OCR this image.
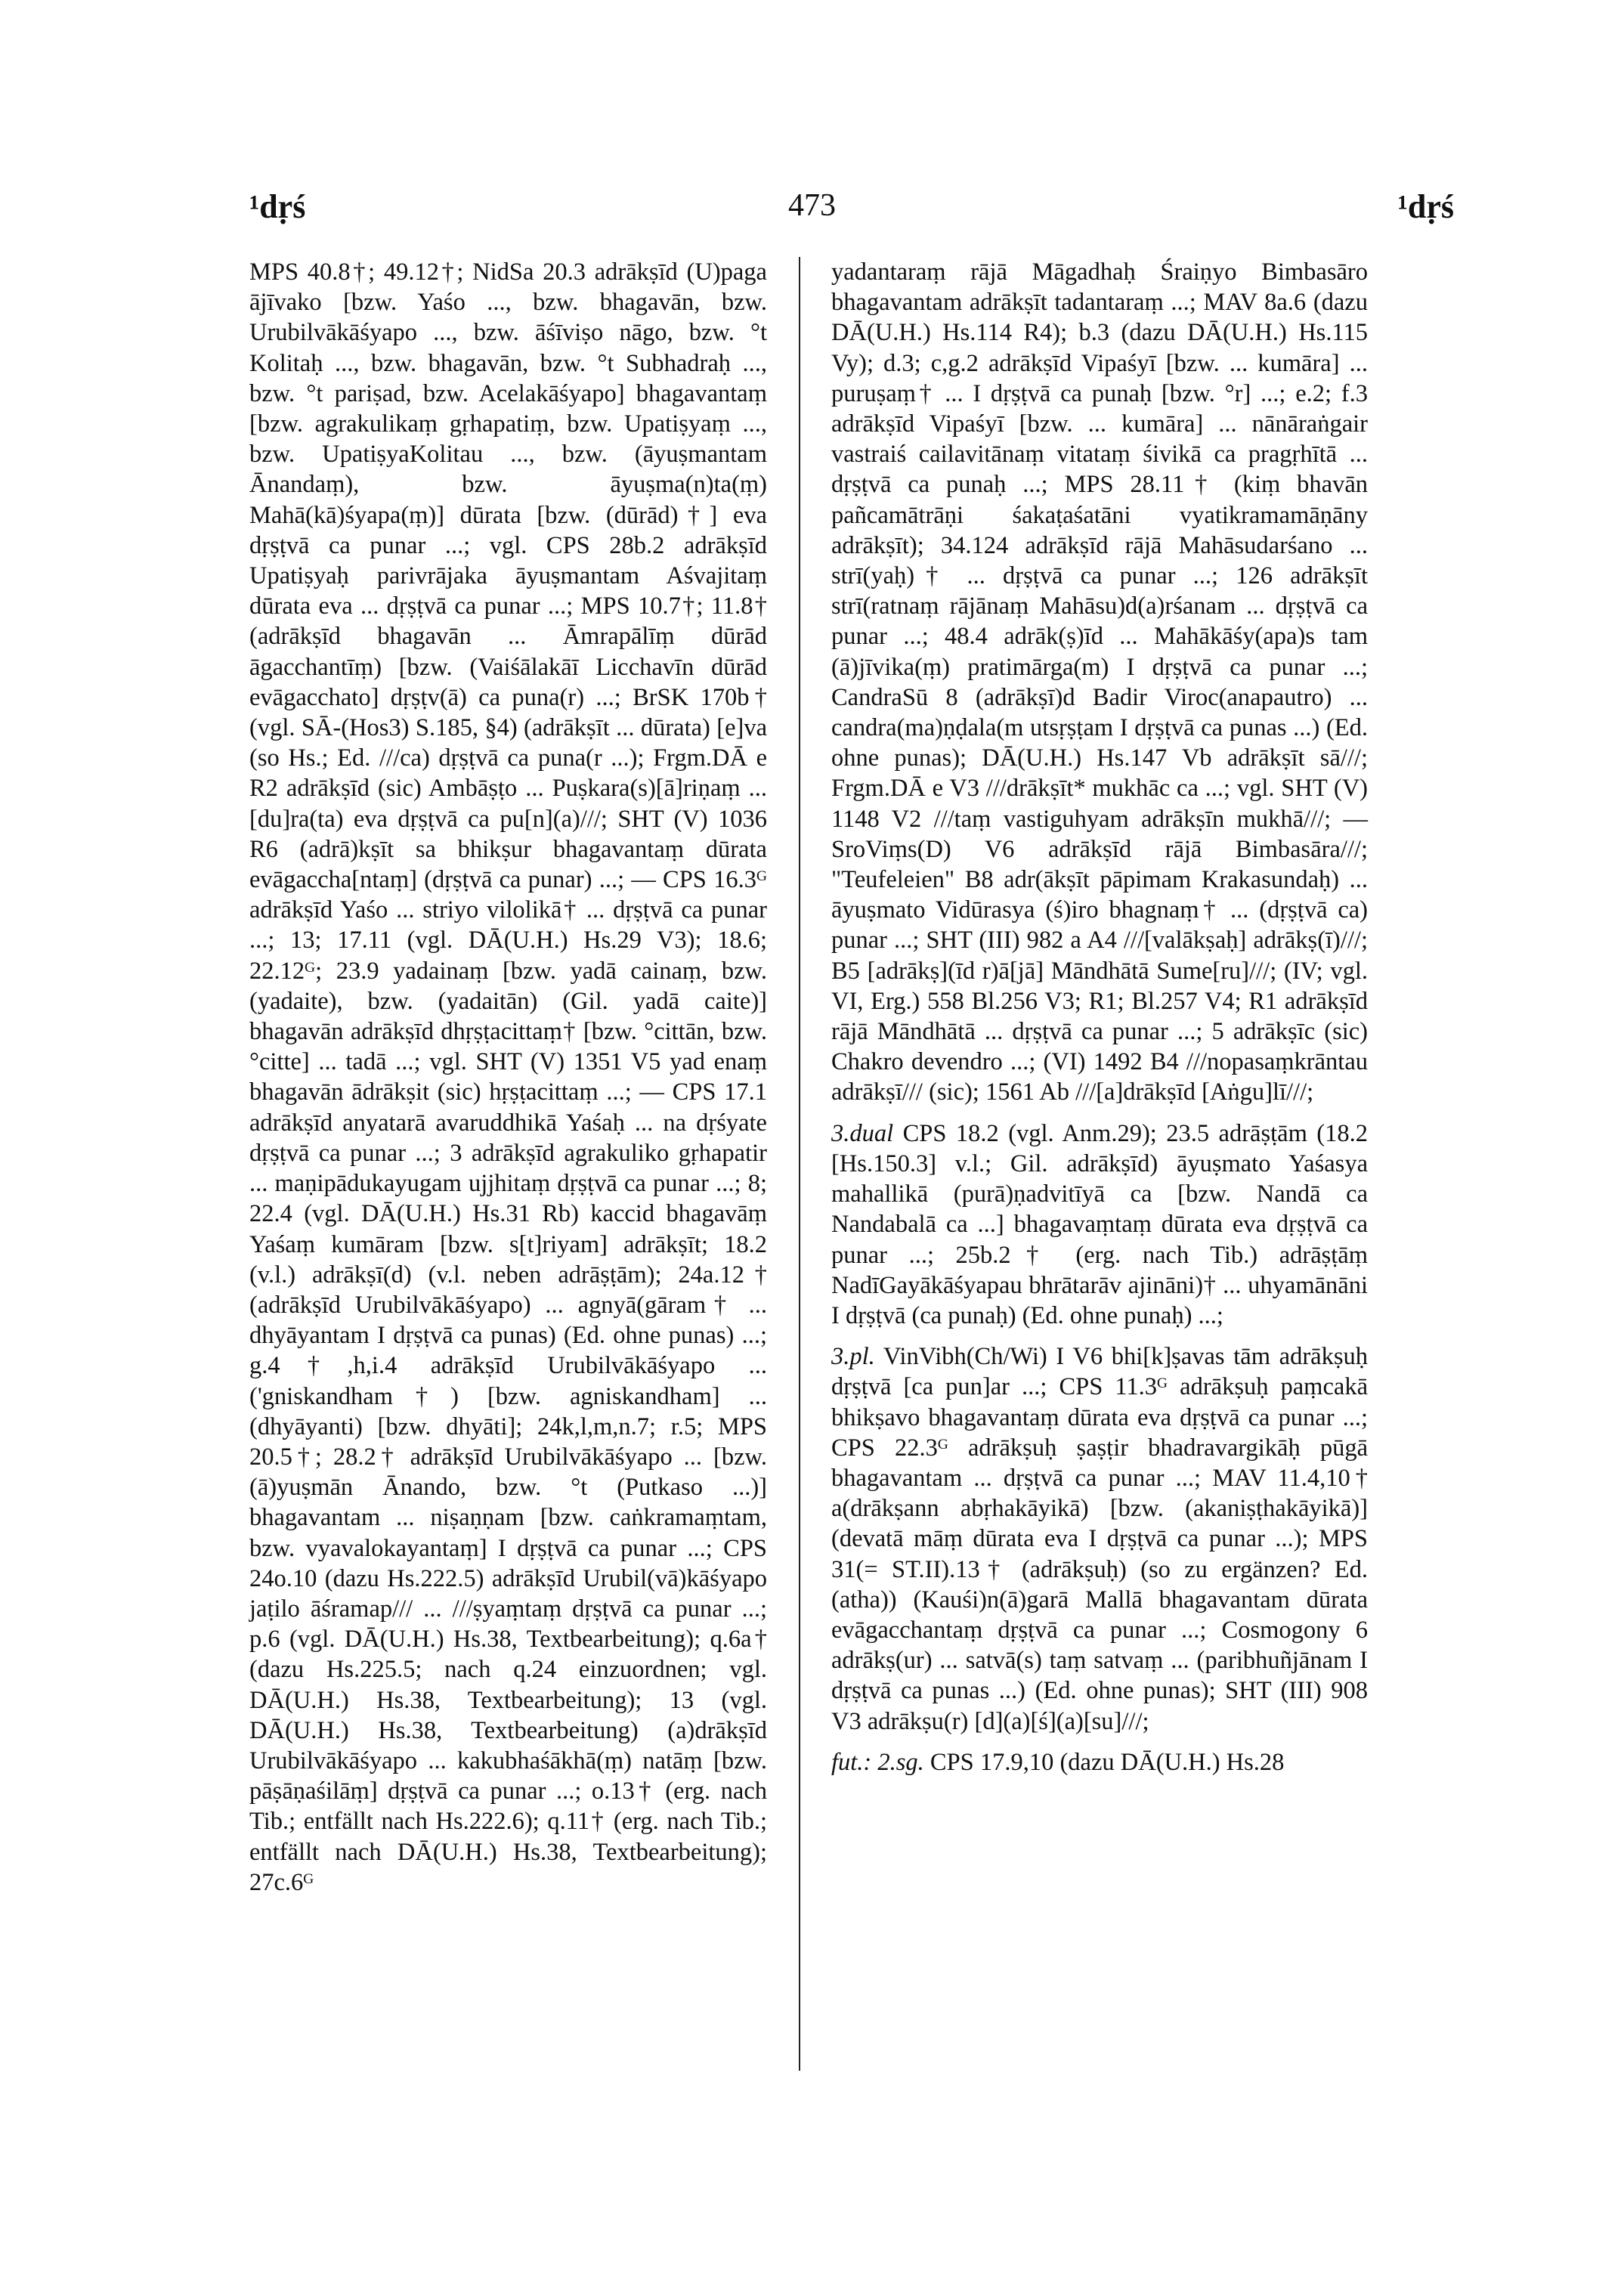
¹dṛś	473	¹dṛś

MPS 40.8†; 49.12†; NidSa 20.3 adrākṣīd (U)paga ājīvako [bzw. Yaśo ..., bzw. bhagavān, bzw. Urubilvākāśyapo ..., bzw. āśīviṣo nāgo, bzw. °t Kolitaḥ ..., bzw. bhagavān, bzw. °t Subhadraḥ ..., bzw. °t pariṣad, bzw. Acelakāśyapo] bhagavantaṃ [bzw. agrakulikaṃ gṛhapatiṃ, bzw. Upatiṣyaṃ ..., bzw. UpatiṣyaKolitau ..., bzw. (āyuṣmantam Ānandaṃ), bzw. āyuṣma(n)ta(ṃ) Mahā(kā)śyapa(ṃ)] dūrata [bzw. (dūrād)†] eva dṛṣṭvā ca punar ...; vgl. CPS 28b.2 adrākṣīd Upatiṣyaḥ parivrājaka āyuṣmantam Aśvajitaṃ dūrata eva ... dṛṣṭvā ca punar ...; MPS 10.7†; 11.8† (adrākṣīd bhagavān ... Āmrapālīṃ dūrād āgacchantīṃ) [bzw. (Vaiśālakāī Licchavīn dūrād evāgacchato] dṛṣṭv(ā) ca puna(r) ...; BrSK 170b† (vgl. SĀ-(Hos3) S.185, §4) (adrākṣīt ... dūrata) [e]va (so Hs.; Ed. ///ca) dṛṣṭvā ca puna(r ...); Frgm.DĀ e R2 adrākṣīd (sic) Ambāṣṭo ... Puṣkara(s)[ā]riṇaṃ ... [du]ra(ta) eva dṛṣṭvā ca pu[n](a)///; SHT (V) 1036 R6 (adrā)kṣīt sa bhikṣur bhagavantaṃ dūrata evāgaccha[ntaṃ] (dṛṣṭvā ca punar) ...; — CPS 16.3ᴳ adrākṣīd Yaśo ... striyo vilolikā† ... dṛṣṭvā ca punar ...; 13; 17.11 (vgl. DĀ(U.H.) Hs.29 V3); 18.6; 22.12ᴳ; 23.9 yadainaṃ [bzw. yadā cainaṃ, bzw. (yadaite), bzw. (yadaitān) (Gil. yadā caite)] bhagavān adrākṣīd dhṛṣṭacittaṃ† [bzw. °cittān, bzw. °citte] ... tadā ...; vgl. SHT (V) 1351 V5 yad enaṃ bhagavān ādrākṣit (sic) hṛṣṭacittaṃ ...; — CPS 17.1 adrākṣīd anyatarā avaruddhikā Yaśaḥ ... na dṛśyate dṛṣṭvā ca punar ...; 3 adrākṣīd agrakuliko gṛhapatir ... maṇipādukayugam ujjhitaṃ dṛṣṭvā ca punar ...; 8; 22.4 (vgl. DĀ(U.H.) Hs.31 Rb) kaccid bhagavāṃ Yaśaṃ kumāram [bzw. s[t]riyam] adrākṣīt; 18.2 (v.l.) adrākṣī(d) (v.l. neben adrāṣṭām); 24a.12† (adrākṣīd Urubilvākāśyapo) ... agnyā(gāram† ... dhyāyantam I dṛṣṭvā ca punas) (Ed. ohne punas) ...; g.4†,h,i.4 adrākṣīd Urubilvākāśyapo ... ('gniskandham†) [bzw. agniskandham] ... (dhyāyanti) [bzw. dhyāti]; 24k,l,m,n.7; r.5; MPS 20.5†; 28.2† adrākṣīd Urubilvākāśyapo ... [bzw. (ā)yuṣmān Ānando, bzw. °t (Putkaso ...)] bhagavantam ... niṣaṇṇam [bzw. caṅkramaṃtam, bzw. vyavalokayantaṃ] I dṛṣṭvā ca punar ...; CPS 24o.10 (dazu Hs.222.5) adrākṣīd Urubil(vā)kāśyapo jaṭilo āśramap/// ... ///ṣyaṃtaṃ dṛṣṭvā ca punar ...; p.6 (vgl. DĀ(U.H.) Hs.38, Textbearbeitung); q.6a† (dazu Hs.225.5; nach q.24 einzuordnen; vgl. DĀ(U.H.) Hs.38, Textbearbeitung); 13 (vgl. DĀ(U.H.) Hs.38, Textbearbeitung) (a)drākṣīd Urubilvākāśyapo ... kakubhaśākhā(ṃ) natāṃ [bzw. pāṣāṇaśilāṃ] dṛṣṭvā ca punar ...; o.13† (erg. nach Tib.; entfällt nach Hs.222.6); q.11† (erg. nach Tib.; entfällt nach DĀ(U.H.) Hs.38, Textbearbeitung); 27c.6ᴳ

yadantaraṃ rājā Māgadhaḥ Śraiṇyo Bimbasāro bhagavantam adrākṣīt tadantaraṃ ...; MAV 8a.6 (dazu DĀ(U.H.) Hs.114 R4); b.3 (dazu DĀ(U.H.) Hs.115 Vy); d.3; c,g.2 adrākṣīd Vipaśyī [bzw. ... kumāra] ... puruṣaṃ† ... I dṛṣṭvā ca punaḥ [bzw. °r] ...; e.2; f.3 adrākṣīd Vipaśyī [bzw. ... kumāra] ... nānāraṅgair vastraiś cailavitānaṃ vitataṃ śivikā ca pragṛhītā ... dṛṣṭvā ca punaḥ ...; MPS 28.11† (kiṃ bhavān pañcamātrāṇi śakaṭaśatāni vyatikramamāṇāny adrākṣīt); 34.124 adrākṣīd rājā Mahāsudarśano ... strī(yaḥ)† ... dṛṣṭvā ca punar ...; 126 adrākṣīt strī(ratnaṃ rājānaṃ Mahāsu)d(a)rśanam ... dṛṣṭvā ca punar ...; 48.4 adrāk(ṣ)īd ... Mahākāśy(apa)s tam (ā)jīvika(ṃ) pratimārga(m) I dṛṣṭvā ca punar ...; CandraSū 8 (adrākṣī)d Badir Viroc(anapautro) ... candra(ma)ṇḍala(m utsṛṣṭam I dṛṣṭvā ca punas ...) (Ed. ohne punas); DĀ(U.H.) Hs.147 Vb adrākṣīt sā///; Frgm.DĀ e V3 ///drākṣīt* mukhāc ca ...; vgl. SHT (V) 1148 V2 ///taṃ vastiguhyam adrākṣīn mukhā///; — SroViṃs(D) V6 adrākṣīd rājā Bimbasāra///; "Teufeleien" B8 adr(ākṣīt pāpimam Krakasundaḥ) ... āyuṣmato Vidūrasya (ś)iro bhagnaṃ† ... (dṛṣṭvā ca) punar ...; SHT (III) 982 a A4 ///[valākṣaḥ] adrākṣ(ī)///; B5 [adrākṣ](īd r)ā[jā] Māndhātā Sume[ru]///; (IV; vgl. VI, Erg.) 558 Bl.256 V3; R1; Bl.257 V4; R1 adrākṣīd rājā Māndhātā ... dṛṣṭvā ca punar ...; 5 adrākṣīc (sic) Chakro devendro ...; (VI) 1492 B4 ///nopasaṃkrāntau adrākṣī/// (sic); 1561 Ab ///[a]drākṣīd [Aṅgu]lī///;

3.dual CPS 18.2 (vgl. Anm.29); 23.5 adrāṣṭām (18.2 [Hs.150.3] v.l.; Gil. adrākṣīd) āyuṣmato Yaśasya mahallikā (purā)ṇadvitīyā ca [bzw. Nandā ca Nandabalā ca ...] bhagavaṃtaṃ dūrata eva dṛṣṭvā ca punar ...; 25b.2† (erg. nach Tib.) adrāṣṭāṃ NadīGayākāśyapau bhrātarāv ajināni)† ... uhyamānāni I dṛṣṭvā (ca punaḥ) (Ed. ohne punaḥ) ...;

3.pl. VinVibh(Ch/Wi) I V6 bhi[k]ṣavas tām adrākṣuḥ dṛṣṭvā [ca pun]ar ...; CPS 11.3ᴳ adrākṣuḥ paṃcakā bhikṣavo bhagavantaṃ dūrata eva dṛṣṭvā ca punar ...; CPS 22.3ᴳ adrākṣuḥ ṣaṣṭir bhadravargikāḥ pūgā bhagavantam ... dṛṣṭvā ca punar ...; MAV 11.4,10† a(drākṣann abṛhakāyikā) [bzw. (akaniṣṭhakāyikā)] (devatā māṃ dūrata eva I dṛṣṭvā ca punar ...); MPS 31(= ST.II).13† (adrākṣuḥ) (so zu ergänzen? Ed. (atha)) (Kauśi)n(ā)garā Mallā bhagavantam dūrata evāgacchantaṃ dṛṣṭvā ca punar ...; Cosmogony 6 adrākṣ(ur) ... satvā(s) taṃ satvaṃ ... (paribhuñjānam I dṛṣṭvā ca punas ...) (Ed. ohne punas); SHT (III) 908 V3 adrākṣu(r) [d](a)[ś](a)[su]///;

fut.: 2.sg. CPS 17.9,10 (dazu DĀ(U.H.) Hs.28
